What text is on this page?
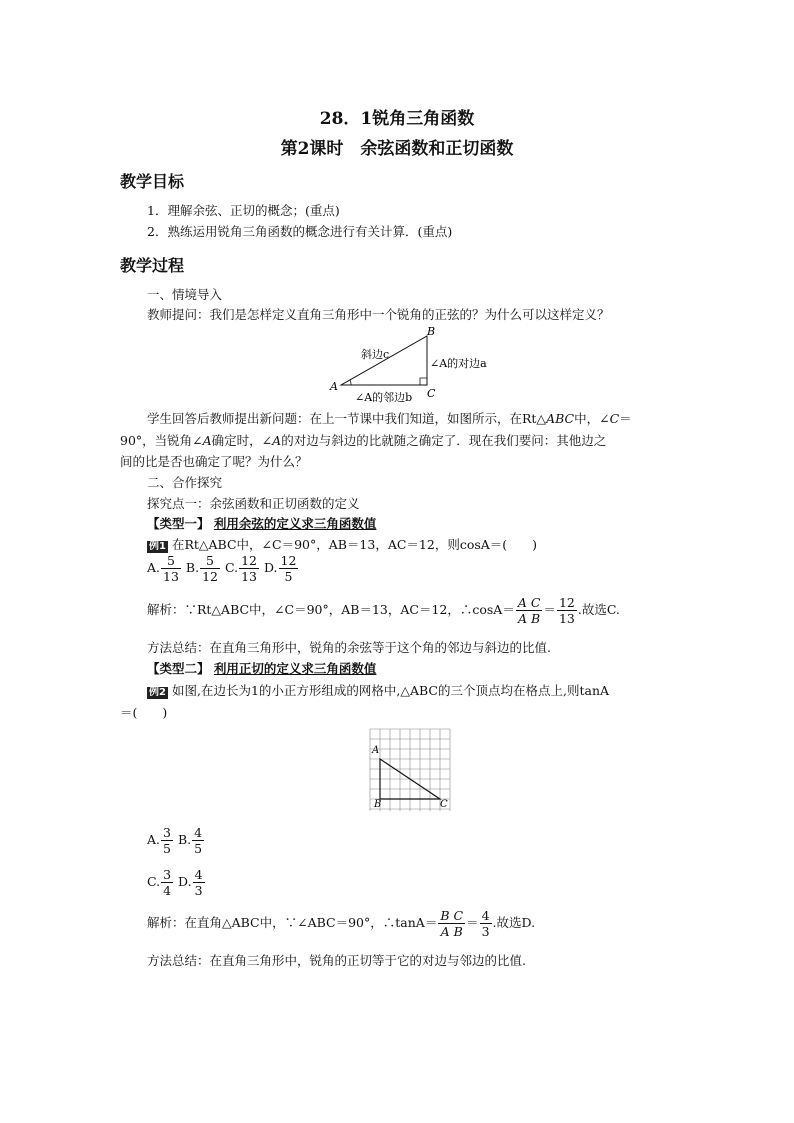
28．1锐角三角函数
第2课时　余弦函数和正切函数
教学目标
1．理解余弦、正切的概念；(重点)
2．熟练运用锐角三角函数的概念进行有关计算．(重点)
教学过程
一、情境导入
教师提问：我们是怎样定义直角三角形中一个锐角的正弦的？为什么可以这样定义？
A
B
C
斜边c
∠A的对边a
∠A的邻边b
学生回答后教师提出新问题：在上一节课中我们知道，如图所示，在Rt△ABC中，∠C＝
90°，当锐角∠A确定时，∠A的对边与斜边的比就随之确定了．现在我们要问：其他边之
间的比是否也确定了呢？为什么？
二、合作探究
探究点一：余弦函数和正切函数的定义
【类型一】 利用余弦的定义求三角函数值
例1 在Rt△ABC中，∠C＝90°，AB＝13，AC＝12，则cosA＝(　　)
A. $\frac{5}{13} B$. $\frac{5}{12} C$. $\frac{12}{13} D$. $\frac{12}{5}$
解析：∵Rt△ABC中，∠C＝90°，AB＝13，AC＝12，∴cosA＝ $\frac{\text{A C}}{\text{A B}} = \frac{12}{13}$ .故选C.
方法总结：在直角三角形中，锐角的余弦等于这个角的邻边与斜边的比值.
【类型二】 利用正切的定义求三角函数值
例2 如图,在边长为1的小正方形组成的网格中,△ABC的三个顶点均在格点上,则tanA
＝(　　)
A
B	C
A. $\frac{3}{5} B$. $\frac{4}{5}$
C. $\frac{3}{4} D$. $\frac{4}{3}$
解析：在直角△ABC中，∵∠ABC＝90°，∴tanA＝ $\frac{\text{B C}}{\text{A B}} = \frac{4}{3}$ .故选D.
方法总结：在直角三角形中，锐角的正切等于它的对边与邻边的比值.
